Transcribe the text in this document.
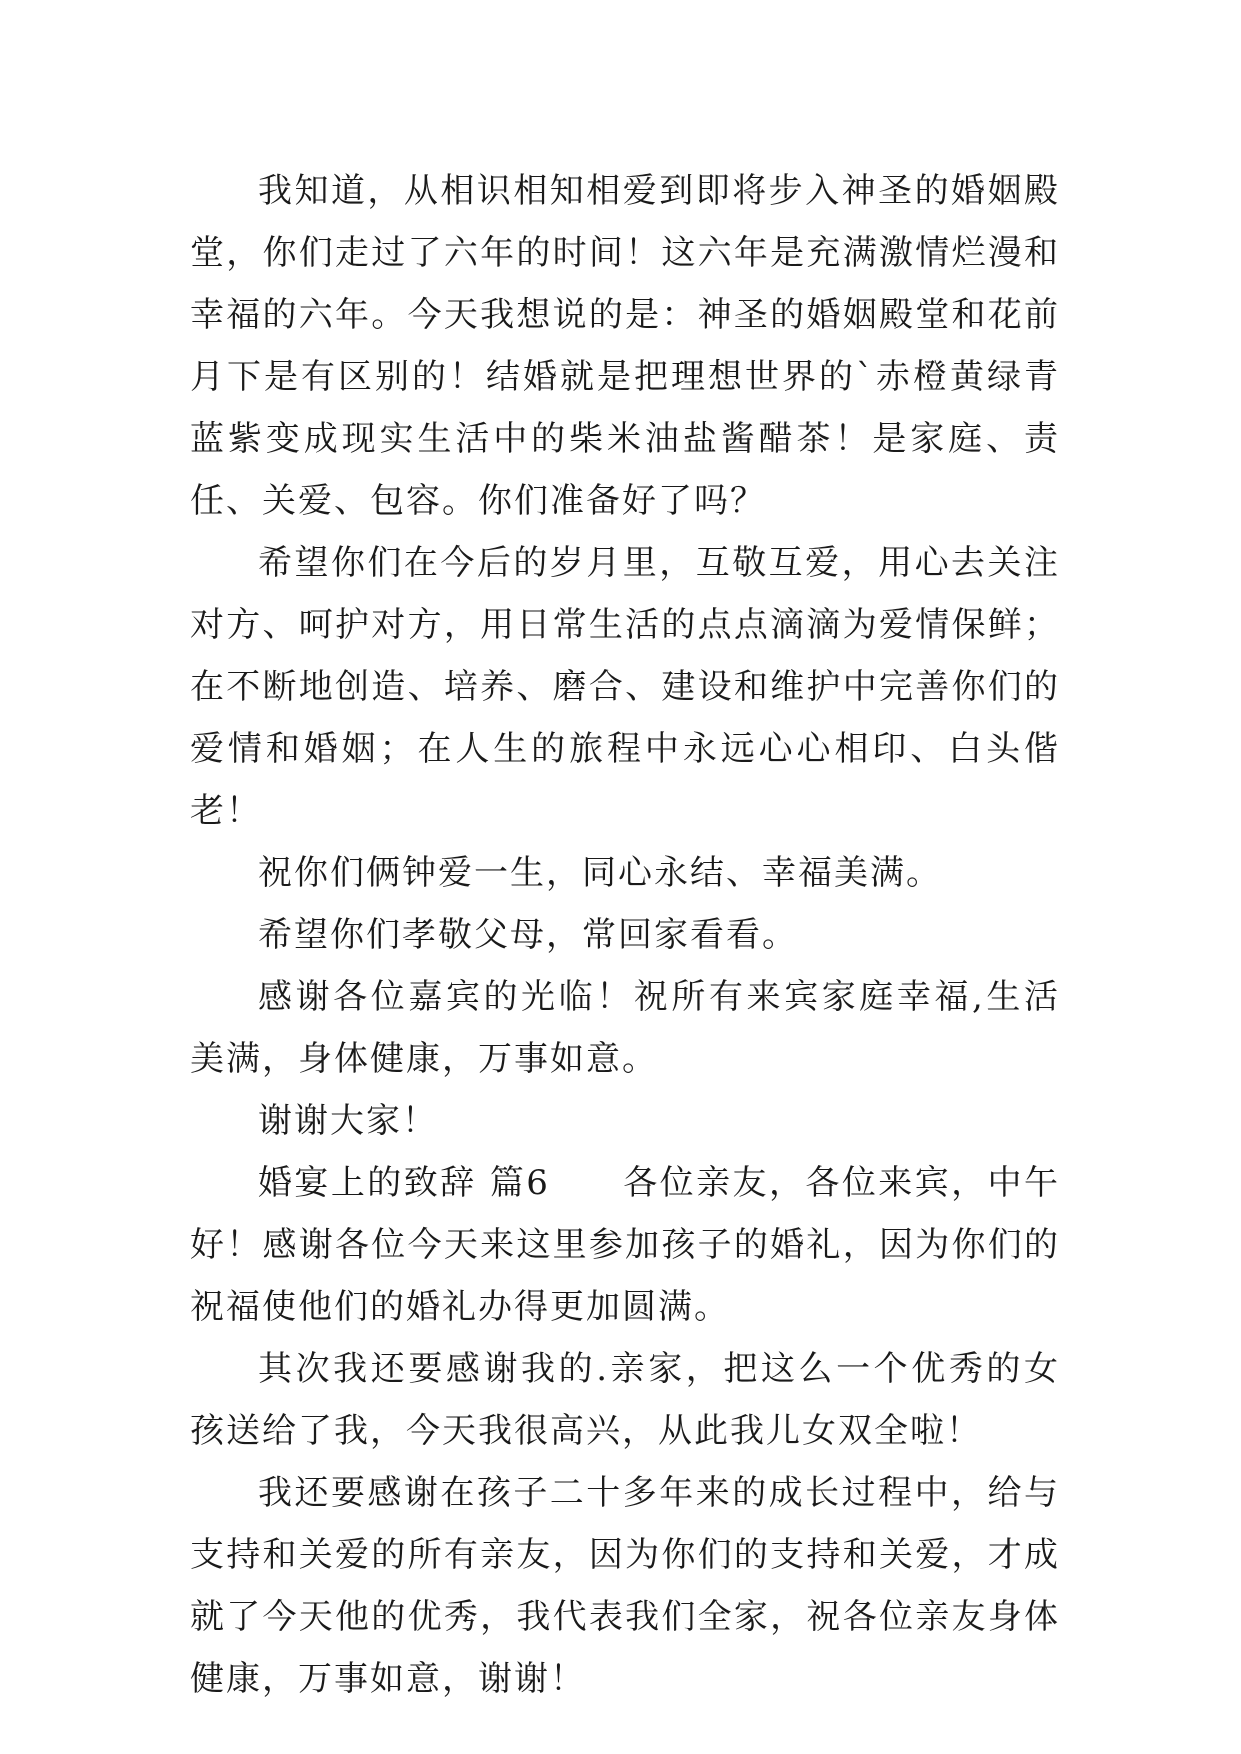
我知道，从相识相知相爱到即将步入神圣的婚姻殿堂，你们走过了六年的时间！这六年是充满激情烂漫和幸福的六年。今天我想说的是：神圣的婚姻殿堂和花前月下是有区别的！结婚就是把理想世界的`赤橙黄绿青蓝紫变成现实生活中的柴米油盐酱醋茶！是家庭、责任、关爱、包容。你们准备好了吗？

希望你们在今后的岁月里，互敬互爱，用心去关注对方、呵护对方，用日常生活的点点滴滴为爱情保鲜；在不断地创造、培养、磨合、建设和维护中完善你们的爱情和婚姻；在人生的旅程中永远心心相印、白头偕老！

祝你们俩钟爱一生，同心永结、幸福美满。

希望你们孝敬父母，常回家看看。

感谢各位嘉宾的光临！祝所有来宾家庭幸福,生活美满，身体健康，万事如意。

谢谢大家！

婚宴上的致辞 篇6　　各位亲友，各位来宾，中午好！感谢各位今天来这里参加孩子的婚礼，因为你们的祝福使他们的婚礼办得更加圆满。

其次我还要感谢我的.亲家，把这么一个优秀的女孩送给了我，今天我很高兴，从此我儿女双全啦！

我还要感谢在孩子二十多年来的成长过程中，给与支持和关爱的所有亲友，因为你们的支持和关爱，才成就了今天他的优秀，我代表我们全家，祝各位亲友身体健康，万事如意，谢谢！
